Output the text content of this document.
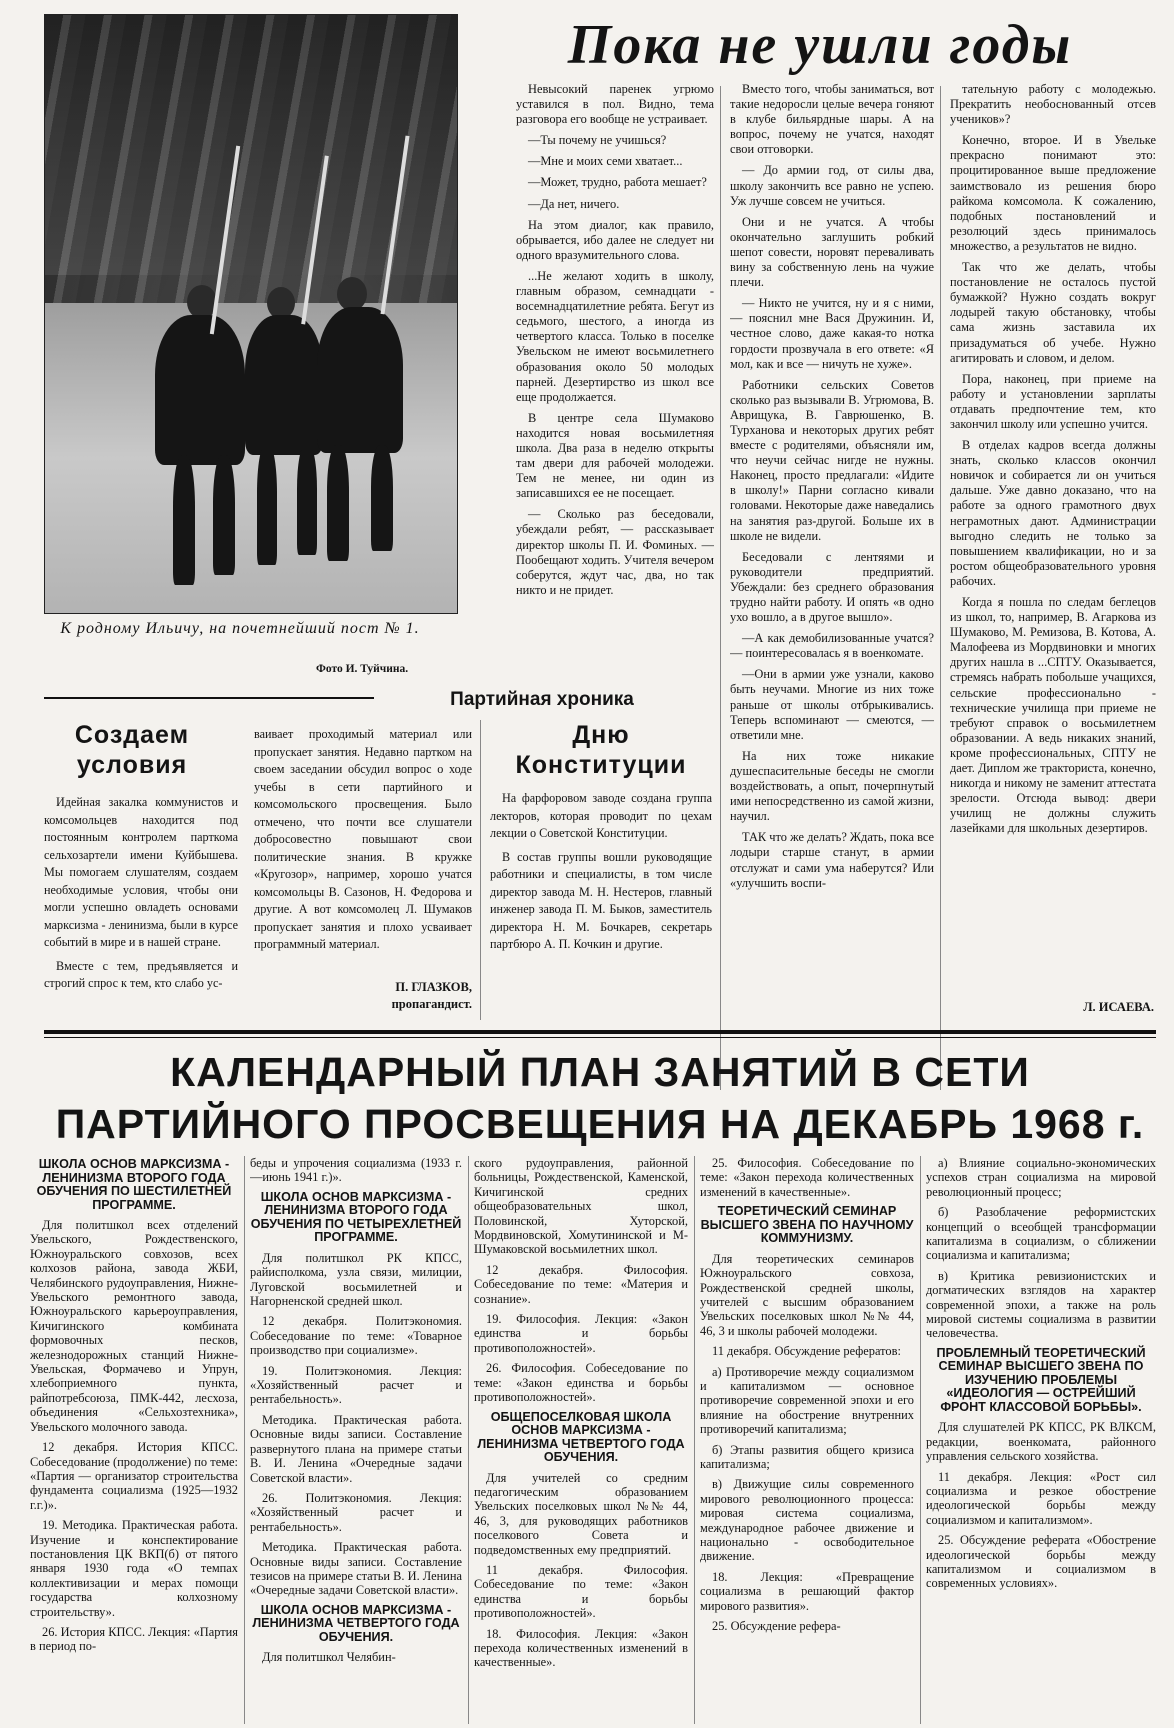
К родному Ильичу, на почетнейший пост № 1.
Фото И. Туйчина.
Пока не ушли годы

Невысокий паренек угрюмо уставился в пол. Видно, тема разговора его вообще не устраивает.

—Ты почему не учишься?

—Мне и моих семи хватает...

—Может, трудно, работа мешает?

—Да нет, ничего.

На этом диалог, как правило, обрывается, ибо далее не следует ни одного вразумительного слова.

...Не желают ходить в школу, главным образом, семнадцати - восемнадцатилетние ребята. Бегут из седьмого, шестого, а иногда из четвертого класса. Только в поселке Увельском не имеют восьмилетнего образования около 50 молодых парней. Дезертирство из школ все еще продолжается.

В центре села Шумаково находится новая восьмилетняя школа. Два раза в неделю открыты там двери для рабочей молодежи. Тем не менее, ни один из записавшихся ее не посещает.

— Сколько раз беседовали, убеждали ребят, — рассказывает директор школы П. И. Фоминых. —Пообещают ходить. Учителя вечером соберутся, ждут час, два, но так никто и не придет.

Вместо того, чтобы заниматься, вот такие недоросли целые вечера гоняют в клубе бильярдные шары. А на вопрос, почему не учатся, находят свои отговорки.

— До армии год, от силы два, школу закончить все равно не успею. Уж лучше совсем не учиться.

Они и не учатся. А чтобы окончательно заглушить робкий шепот совести, норовят переваливать вину за собственную лень на чужие плечи.

— Никто не учится, ну и я с ними, — пояснил мне Вася Дружинин. И, честное слово, даже какая-то нотка гордости прозвучала в его ответе: «Я мол, как и все — ничуть не хуже».

Работники сельских Советов сколько раз вызывали В. Угрюмова, В. Аврищука, В. Гаврюшенко, В. Турханова и некоторых других ребят вместе с родителями, объясняли им, что неучи сейчас нигде не нужны. Наконец, просто предлагали: «Идите в школу!» Парни согласно кивали головами. Некоторые даже наведались на занятия раз-другой. Больше их в школе не видели.

Беседовали с лентяями и руководители предприятий. Убеждали: без среднего образования трудно найти работу. И опять «в одно ухо вошло, а в другое вышло».

—А как демобилизованные учатся? — поинтересовалась я в военкомате.

—Они в армии уже узнали, каково быть неучами. Многие из них тоже раньше от школы отбрыкивались. Теперь вспоминают — смеются, — ответили мне.

На них тоже никакие душеспасительные беседы не смогли воздействовать, а опыт, почерпнутый ими непосредственно из самой жизни, научил.

ТАК что же делать? Ждать, пока все лодыри старше станут, в армии отслужат и сами ума наберутся? Или «улучшить воспи-

тательную работу с молодежью. Прекратить необоснованный отсев учеников»?

Конечно, второе. И в Увельке прекрасно понимают это: процитированное выше предложение заимствовало из решения бюро райкома комсомола. К сожалению, подобных постановлений и резолюций здесь принималось множество, а результатов не видно.

Так что же делать, чтобы постановление не осталось пустой бумажкой? Нужно создать вокруг лодырей такую обстановку, чтобы сама жизнь заставила их призадуматься об учебе. Нужно агитировать и словом, и делом.

Пора, наконец, при приеме на работу и установлении зарплаты отдавать предпочтение тем, кто закончил школу или успешно учится.

В отделах кадров всегда должны знать, сколько классов окончил новичок и собирается ли он учиться дальше. Уже давно доказано, что на работе за одного грамотного двух неграмотных дают. Администрации выгодно следить не только за повышением квалификации, но и за ростом общеобразовательного уровня рабочих.

Когда я пошла по следам беглецов из школ, то, например, В. Агаркова из Шумаково, М. Ремизова, В. Котова, А. Малофеева из Мордвиновки и многих других нашла в ...СПТУ. Оказывается, стремясь набрать побольше учащихся, сельские профессионально - технические училища при приеме не требуют справок о восьмилетнем образовании. А ведь никаких знаний, кроме профессиональных, СПТУ не дает. Диплом же тракториста, конечно, никогда и никому не заменит аттестата зрелости. Отсюда вывод: двери училищ не должны служить лазейками для школьных дезертиров.

Л. ИСАЕВА.
Партийная хроника
Создаем условия

Идейная закалка коммунистов и комсомольцев находится под постоянным контролем парткома сельхозартели имени Куйбышева. Мы помогаем слушателям, создаем необходимые условия, чтобы они могли успешно овладеть основами марксизма - ленинизма, были в курсе событий в мире и в нашей стране.

Вместе с тем, предъявляется и строгий спрос к тем, кто слабо ус-

ваивает проходимый материал или пропускает занятия. Недавно партком на своем заседании обсудил вопрос о ходе учебы в сети партийного и комсомольского просвещения. Было отмечено, что почти все слушатели добросовестно повышают свои политические знания. В кружке «Кругозор», например, хорошо учатся комсомольцы В. Сазонов, Н. Федорова и другие. А вот комсомолец Л. Шумаков пропускает занятия и плохо усваивает программный материал.

П. ГЛАЗКОВ,
пропагандист.
Дню Конституции

На фарфоровом заводе создана группа лекторов, которая проводит по цехам лекции о Советской Конституции.

В состав группы вошли руководящие работники и специалисты, в том числе директор завода М. Н. Нестеров, главный инженер завода П. М. Быков, заместитель директора Н. М. Бочкарев, секретарь партбюро А. П. Кочкин и другие.

КАЛЕНДАРНЫЙ ПЛАН ЗАНЯТИЙ В СЕТИ
ПАРТИЙНОГО ПРОСВЕЩЕНИЯ НА ДЕКАБРЬ 1968 г.
ШКОЛА ОСНОВ МАРКСИЗМА - ЛЕНИНИЗМА ВТОРОГО ГОДА ОБУЧЕНИЯ ПО ШЕСТИЛЕТНЕЙ ПРОГРАММЕ.

Для политшкол всех отделений Увельского, Рождественского, Южноуральского совхозов, всех колхозов района, завода ЖБИ, Челябинского рудоуправления, Нижне-Увельского ремонтного завода, Южноуральского карьероуправления, Кичигинского комбината формовочных песков, железнодорожных станций Нижне-Увельская, Формачево и Упрун, хлебоприемного пункта, райпотребсоюза, ПМК-442, лесхоза, объединения «Сельхозтехника», Увельского молочного завода.

12 декабря. История КПСС. Собеседование (продолжение) по теме: «Партия — организатор строительства фундамента социализма (1925—1932 г.г.)».

19. Методика. Практическая работа. Изучение и конспектирование постановления ЦК ВКП(б) от пятого января 1930 года «О темпах коллективизации и мерах помощи государства колхозному строительству».

26. История КПСС. Лекция: «Партия в период по-

беды и упрочения социализма (1933 г.—июнь 1941 г.)».

ШКОЛА ОСНОВ МАРКСИЗМА - ЛЕНИНИЗМА ВТОРОГО ГОДА ОБУЧЕНИЯ ПО ЧЕТЫРЕХЛЕТНЕЙ ПРОГРАММЕ.

Для политшкол РК КПСС, райисполкома, узла связи, милиции, Луговской восьмилетней и Нагорненской средней школ.

12 декабря. Политэкономия. Собеседование по теме: «Товарное производство при социализме».

19. Политэкономия. Лекция: «Хозяйственный расчет и рентабельность».

Методика. Практическая работа. Основные виды записи. Составление развернутого плана на примере статьи В. И. Ленина «Очередные задачи Советской власти».

26. Политэкономия. Лекция: «Хозяйственный расчет и рентабельность».

Методика. Практическая работа. Основные виды записи. Составление тезисов на примере статьи В. И. Ленина «Очередные задачи Советской власти».

ШКОЛА ОСНОВ МАРКСИЗМА - ЛЕНИНИЗМА ЧЕТВЕРТОГО ГОДА ОБУЧЕНИЯ.

Для политшкол Челябин-

ского рудоуправления, районной больницы, Рождественской, Каменской, Кичигинской средних общеобразовательных школ, Половинской, Хуторской, Мордвиновской, Хомутининской и М-Шумаковской восьмилетних школ.

12 декабря. Философия. Собеседование по теме: «Материя и сознание».

19. Философия. Лекция: «Закон единства и борьбы противоположностей».

26. Философия. Собеседование по теме: «Закон единства и борьбы противоположностей».

ОБЩЕПОСЕЛКОВАЯ ШКОЛА ОСНОВ МАРКСИЗМА - ЛЕНИНИЗМА ЧЕТВЕРТОГО ГОДА ОБУЧЕНИЯ.

Для учителей со средним педагогическим образованием Увельских поселковых школ №№ 44, 46, 3, для руководящих работников поселкового Совета и подведомственных ему предприятий.

11 декабря. Философия. Собеседование по теме: «Закон единства и борьбы противоположностей».

18. Философия. Лекция: «Закон перехода количественных изменений в качественные».

25. Философия. Собеседование по теме: «Закон перехода количественных изменений в качественные».

ТЕОРЕТИЧЕСКИЙ СЕМИНАР ВЫСШЕГО ЗВЕНА ПО НАУЧНОМУ КОММУНИЗМУ.

Для теоретических семинаров Южноуральского совхоза, Рождественской средней школы, учителей с высшим образованием Увельских поселковых школ №№ 44, 46, 3 и школы рабочей молодежи.

11 декабря. Обсуждение рефератов:

а) Противоречие между социализмом и капитализмом — основное противоречие современной эпохи и его влияние на обострение внутренних противоречий капитализма;

б) Этапы развития общего кризиса капитализма;

в) Движущие силы современного мирового революционного процесса: мировая система социализма, международное рабочее движение и национально - освободительное движение.

18. Лекция: «Превращение социализма в решающий фактор мирового развития».

25. Обсуждение рефера-

а) Влияние социально-экономических успехов стран социализма на мировой революционный процесс;

б) Разоблачение реформистских концепций о всеобщей трансформации капитализма в социализм, о сближении социализма и капитализма;

в) Критика ревизионистских и догматических взглядов на характер современной эпохи, а также на роль мировой системы социализма в развитии человечества.

ПРОБЛЕМНЫЙ ТЕОРЕТИЧЕСКИЙ СЕМИНАР ВЫСШЕГО ЗВЕНА ПО ИЗУЧЕНИЮ ПРОБЛЕМЫ «ИДЕОЛОГИЯ — ОСТРЕЙШИЙ ФРОНТ КЛАССОВОЙ БОРЬБЫ».

Для слушателей РК КПСС, РК ВЛКСМ, редакции, военкомата, районного управления сельского хозяйства.

11 декабря. Лекция: «Рост сил социализма и резкое обострение идеологической борьбы между социализмом и капитализмом».

25. Обсуждение реферата «Обострение идеологической борьбы между капитализмом и социализмом в современных условиях».
